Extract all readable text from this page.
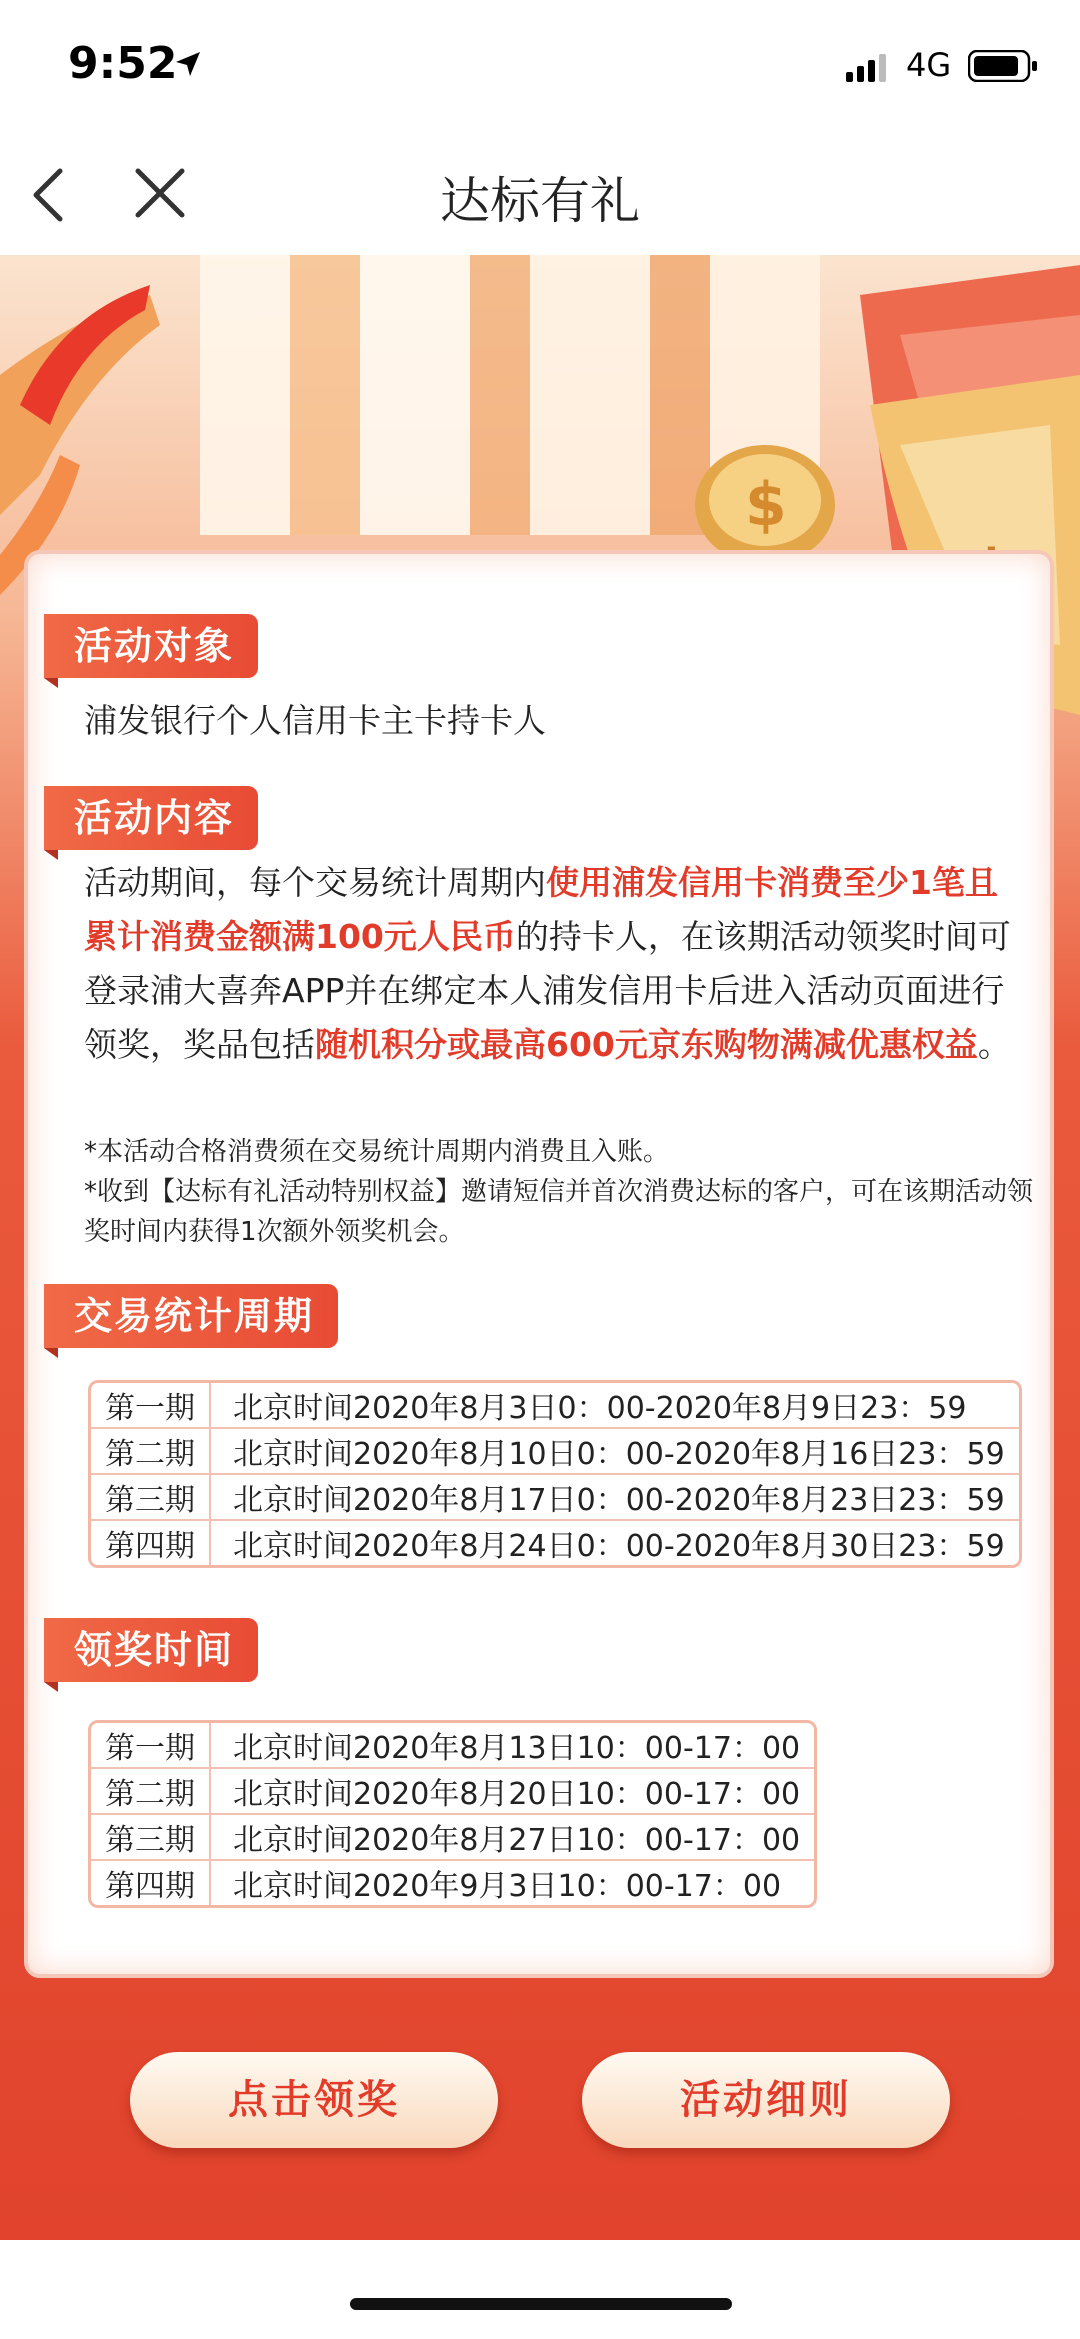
9:52	4G
达标有礼
$
活动对象
浦发银行个人信用卡主卡持卡人
活动内容
活动期间，每个交易统计周期内使用浦发信用卡消费至少1笔且累计消费金额满100元人民币的持卡人，在该期活动领奖时间可登录浦大喜奔APP并在绑定本人浦发信用卡后进入活动页面进行领奖，奖品包括随机积分或最高600元京东购物满减优惠权益。
*本活动合格消费须在交易统计周期内消费且入账。
*收到【达标有礼活动特别权益】邀请短信并首次消费达标的客户，可在该期活动领奖时间内获得1次额外领奖机会。
交易统计周期
第一期	北京时间2020年8月3日0：00-2020年8月9日23：59
第二期	北京时间2020年8月10日0：00-2020年8月16日23：59
第三期	北京时间2020年8月17日0：00-2020年8月23日23：59
第四期	北京时间2020年8月24日0：00-2020年8月30日23：59
领奖时间
第一期	北京时间2020年8月13日10：00-17：00
第二期	北京时间2020年8月20日10：00-17：00
第三期	北京时间2020年8月27日10：00-17：00
第四期	北京时间2020年9月3日10：00-17：00
点击领奖	活动细则
